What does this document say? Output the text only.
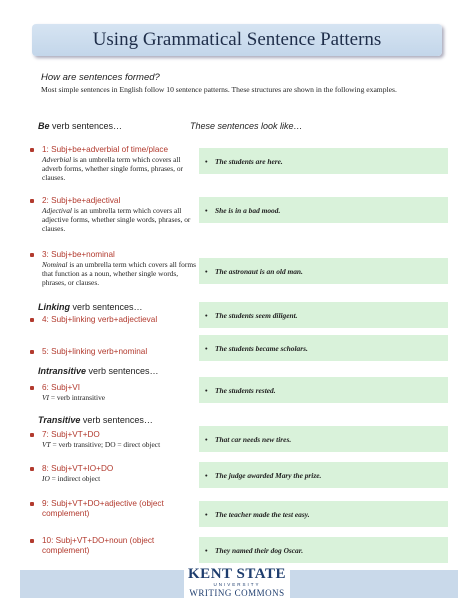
Using Grammatical Sentence Patterns
How are sentences formed?
Most simple sentences in English follow 10 sentence patterns. These structures are shown in the following examples.
Be verb sentences…	These sentences look like…
1: Subj+be+adverbial of time/place
Adverbial is an umbrella term which covers all adverb forms, whether single forms, phrases, or clauses.
• The students are here.
2: Subj+be+adjectival
Adjectival is an umbrella term which covers all adjective forms, whether single words, phrases, or clauses.
• She is in a bad mood.
3: Subj+be+nominal
Nominal is an umbrella term which covers all forms that function as a noun, whether single words, phrases, or clauses.
• The astronaut is an old man.
Linking verb sentences…
4: Subj+linking verb+adjectieval	• The students seem diligent.
5: Subj+linking verb+nominal	• The students became scholars.
Intransitive verb sentences…
6: Subj+VI
VI = verb intransitive
• The students rested.
Transitive verb sentences…
7: Subj+VT+DO
VT = verb transitive; DO = direct object
• That car needs new tires.
8: Subj+VT+IO+DO
IO = indirect object	• The judge awarded Mary the prize.
9: Subj+VT+DO+adjective (object complement)	• The teacher made the test easy.
10: Subj+VT+DO+noun (object complement)	• They named their dog Oscar.
KENT STATE
UNIVERSITY
WRITING COMMONS
